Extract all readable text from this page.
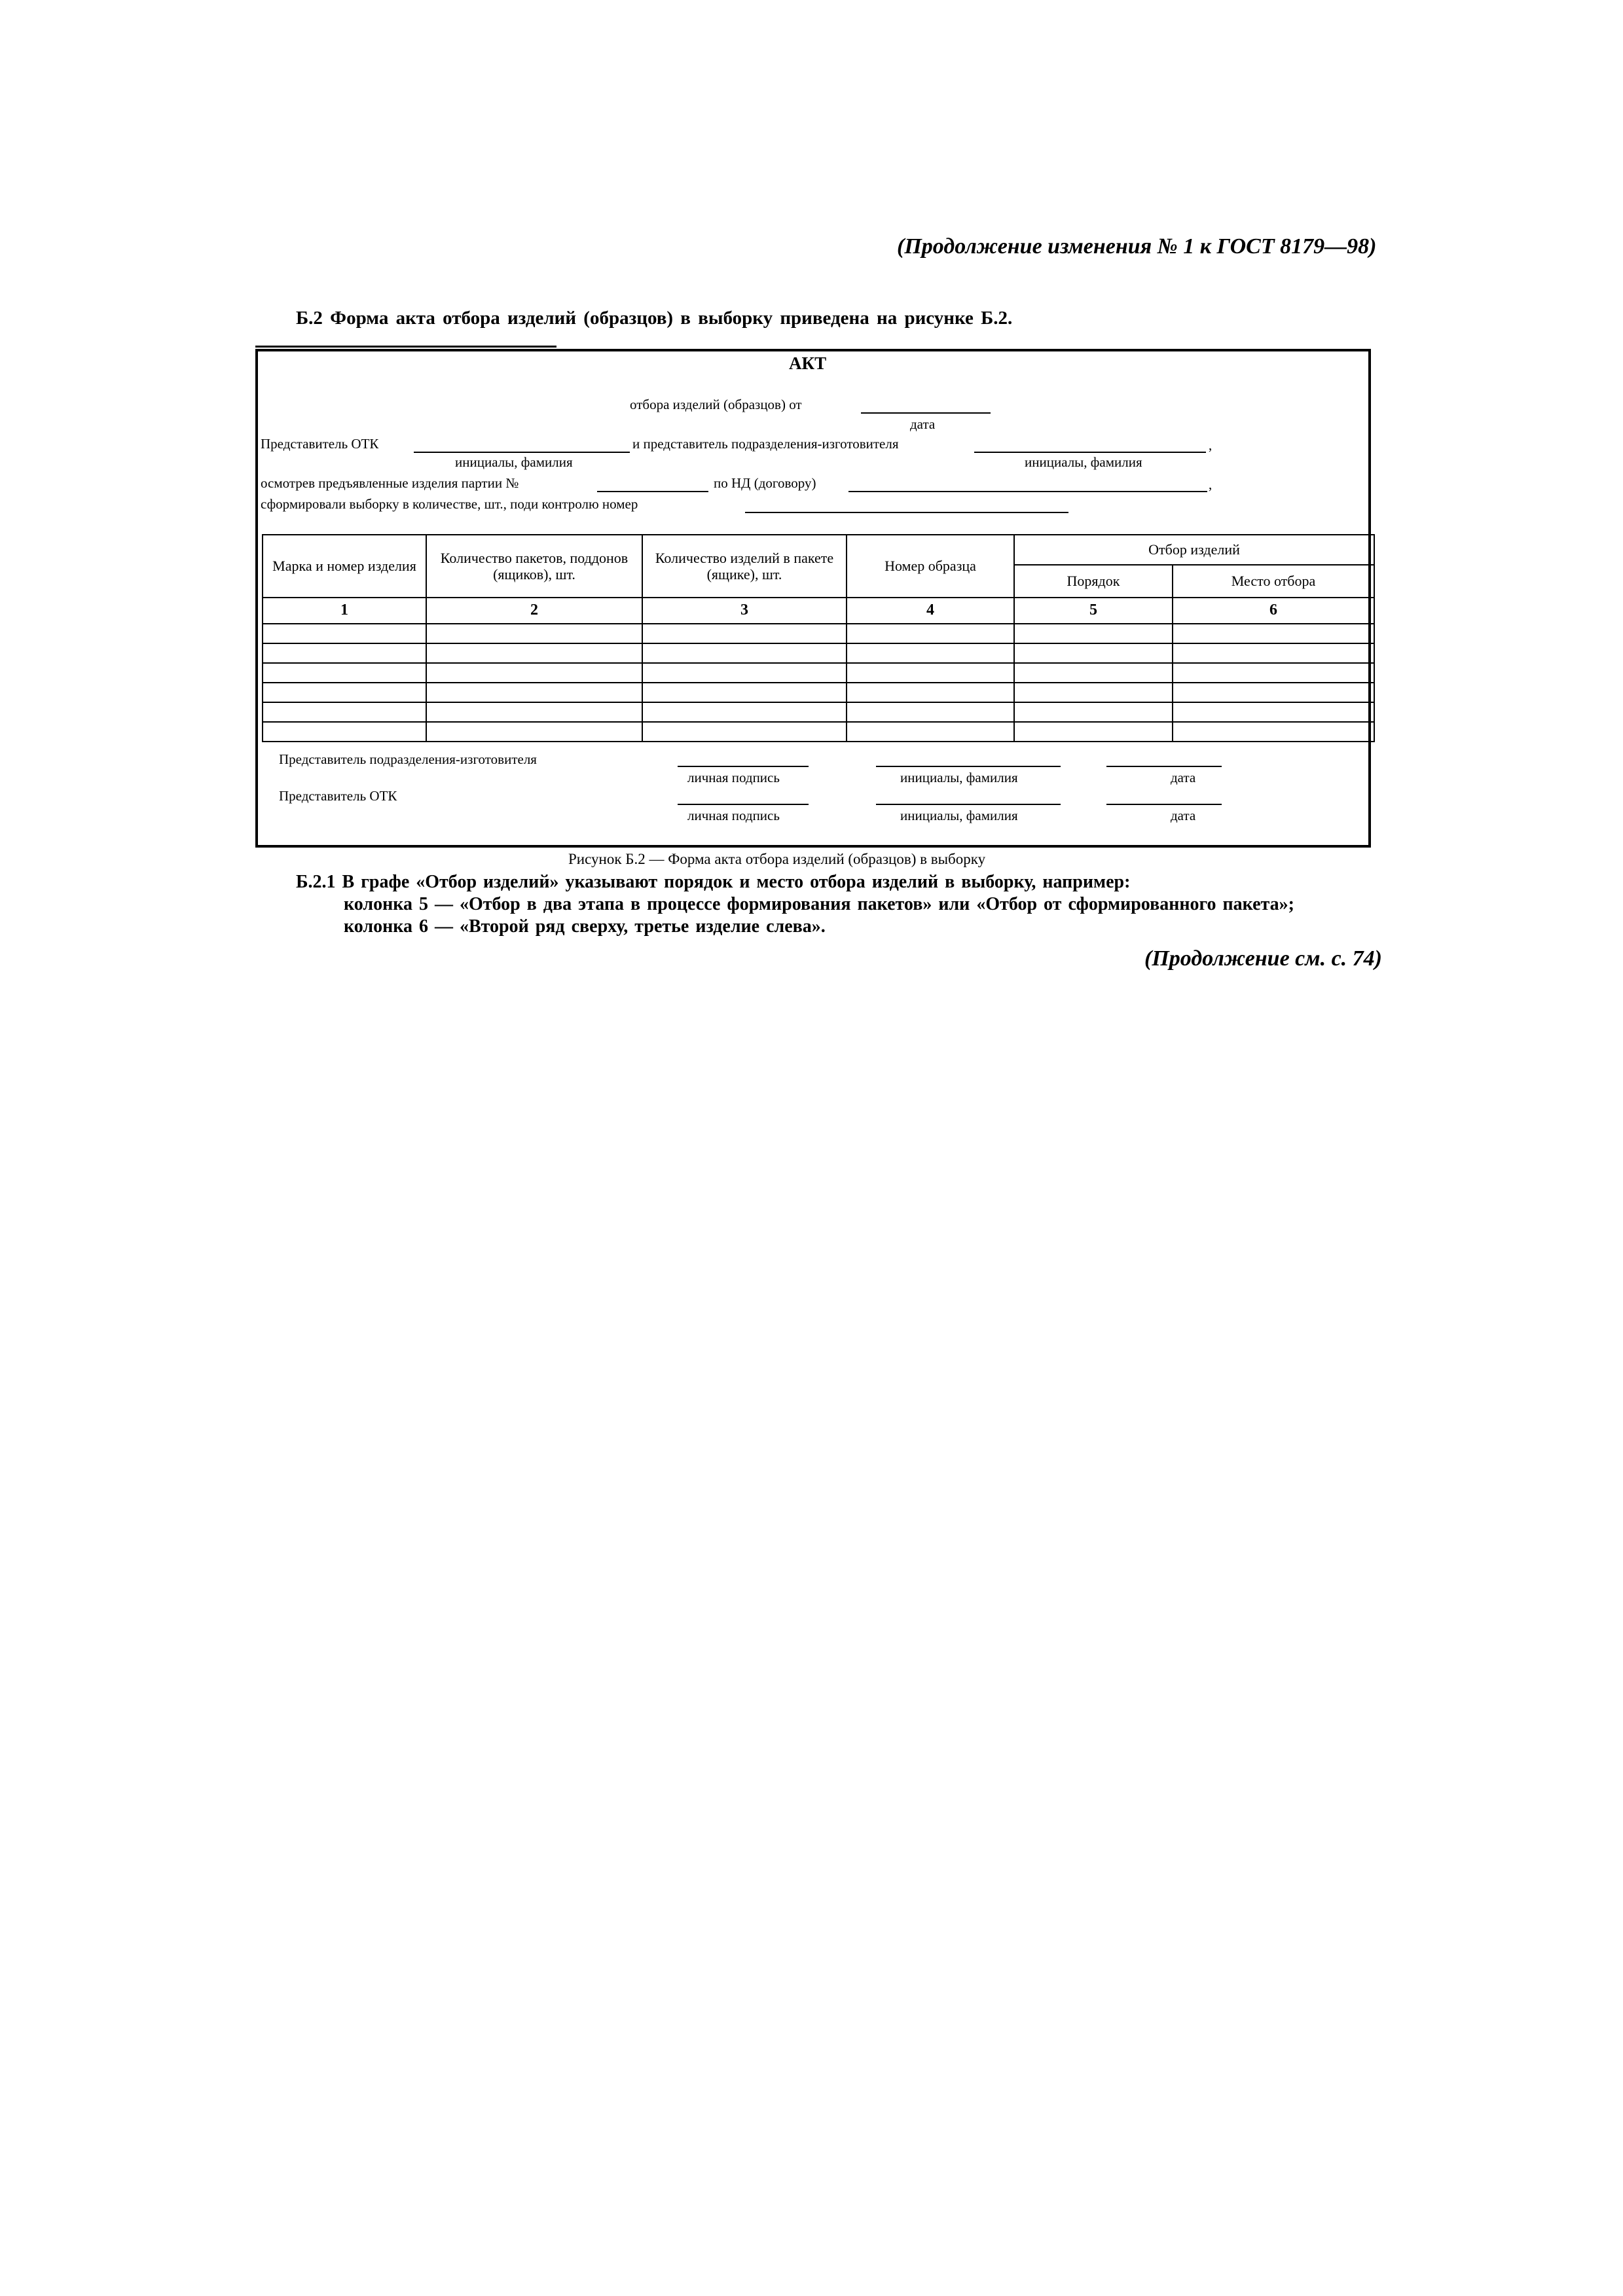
(Продолжение изменения № 1 к ГОСТ 8179—98)
Б.2 Форма акта отбора изделий (образцов) в выборку приведена на рисунке Б.2.
АКТ
отбора изделий (образцов) от
дата
Представитель ОТК	и представитель подразделения-изготовителя	,
инициалы, фамилия	инициалы, фамилия
осмотрев предъявленные изделия партии №	по НД (договору)	,
сформировали выборку в количестве, шт., поди контролю номер
Марка и номер изделия	Количество пакетов, поддонов (ящиков), шт.	Количество изделий в пакете (ящике), шт.	Номер образца	Отбор изделий	
				Порядок	Место отбора
1	2	3	4	5	6

Представитель подразделения-изготовителя
личная подпись	инициалы, фамилия	дата
Представитель ОТК
личная подпись	инициалы, фамилия	дата
Рисунок Б.2 — Форма акта отбора изделий (образцов) в выборку
Б.2.1 В графе «Отбор изделий» указывают порядок и место отбора изделий в выборку, например:
колонка 5 — «Отбор в два этапа в процессе формирования пакетов» или «Отбор от сформированного пакета»;
колонка 6 — «Второй ряд сверху, третье изделие слева».
(Продолжение см. с. 74)
